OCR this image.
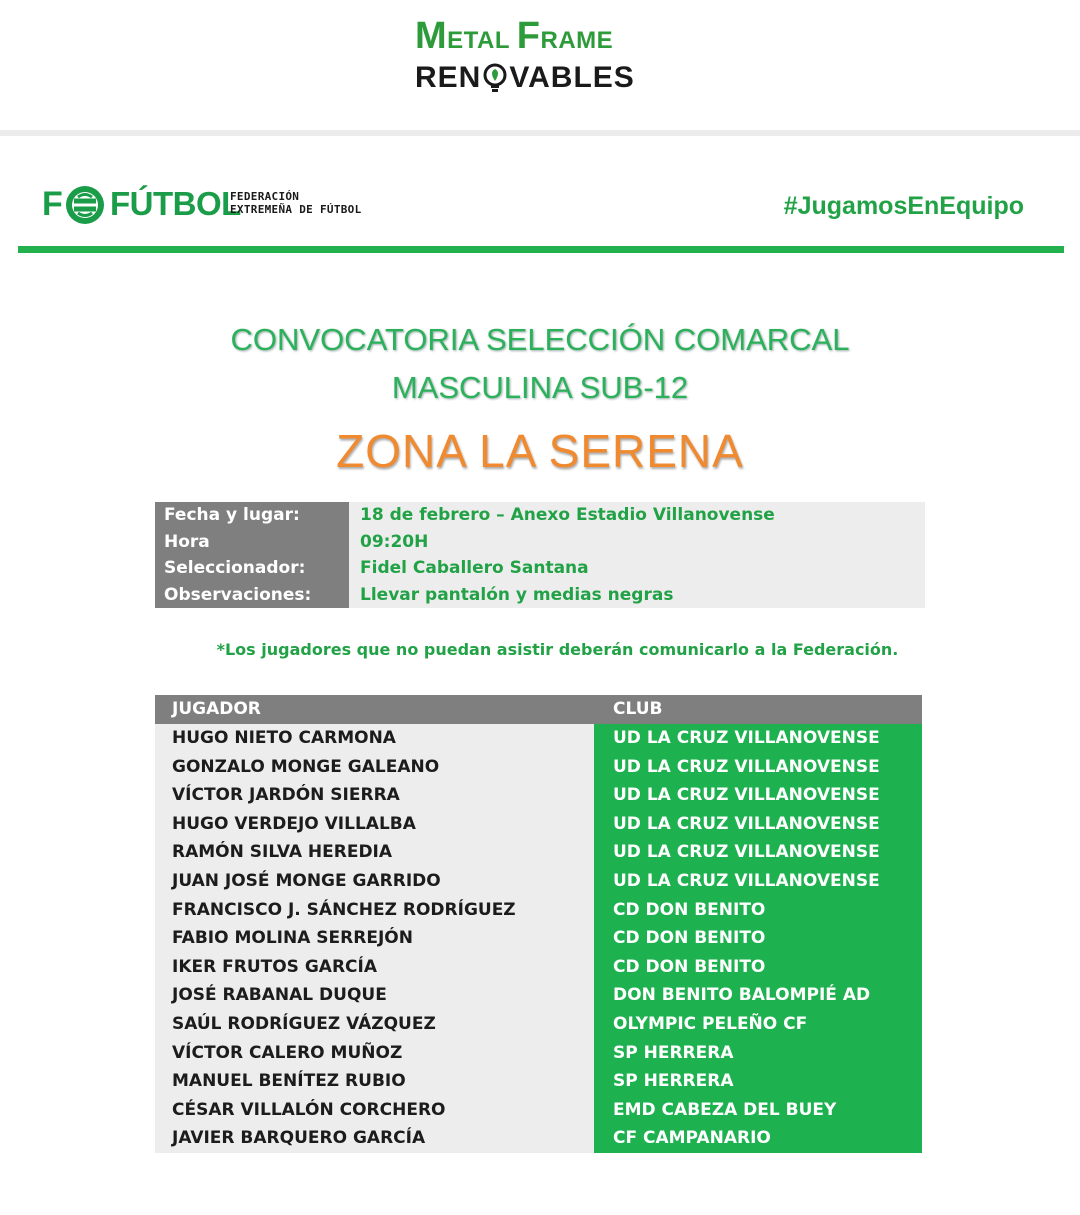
METAL FRAME
REN VABLES
F FÚTBOL
FEDERACIÓN
EXTREMEÑA DE FÚTBOL	#JugamosEnEquipo
CONVOCATORIA SELECCIÓN COMARCAL
MASCULINA SUB-12
ZONA LA SERENA
Fecha y lugar:	18 de febrero – Anexo Estadio Villanovense
Hora	09:20H
Seleccionador:	Fidel Caballero Santana
Observaciones:	Llevar pantalón y medias negras
*Los jugadores que no puedan asistir deberán comunicarlo a la Federación.
JUGADOR	CLUB
HUGO NIETO CARMONA	UD LA CRUZ VILLANOVENSE
GONZALO MONGE GALEANO	UD LA CRUZ VILLANOVENSE
VÍCTOR JARDÓN SIERRA	UD LA CRUZ VILLANOVENSE
HUGO VERDEJO VILLALBA	UD LA CRUZ VILLANOVENSE
RAMÓN SILVA HEREDIA	UD LA CRUZ VILLANOVENSE
JUAN JOSÉ MONGE GARRIDO	UD LA CRUZ VILLANOVENSE
FRANCISCO J. SÁNCHEZ RODRÍGUEZ	CD DON BENITO
FABIO MOLINA SERREJÓN	CD DON BENITO
IKER FRUTOS GARCÍA	CD DON BENITO
JOSÉ RABANAL DUQUE	DON BENITO BALOMPIÉ AD
SAÚL RODRÍGUEZ VÁZQUEZ	OLYMPIC PELEÑO CF
VÍCTOR CALERO MUÑOZ	SP HERRERA
MANUEL BENÍTEZ RUBIO	SP HERRERA
CÉSAR VILLALÓN CORCHERO	EMD CABEZA DEL BUEY
JAVIER BARQUERO GARCÍA	CF CAMPANARIO
